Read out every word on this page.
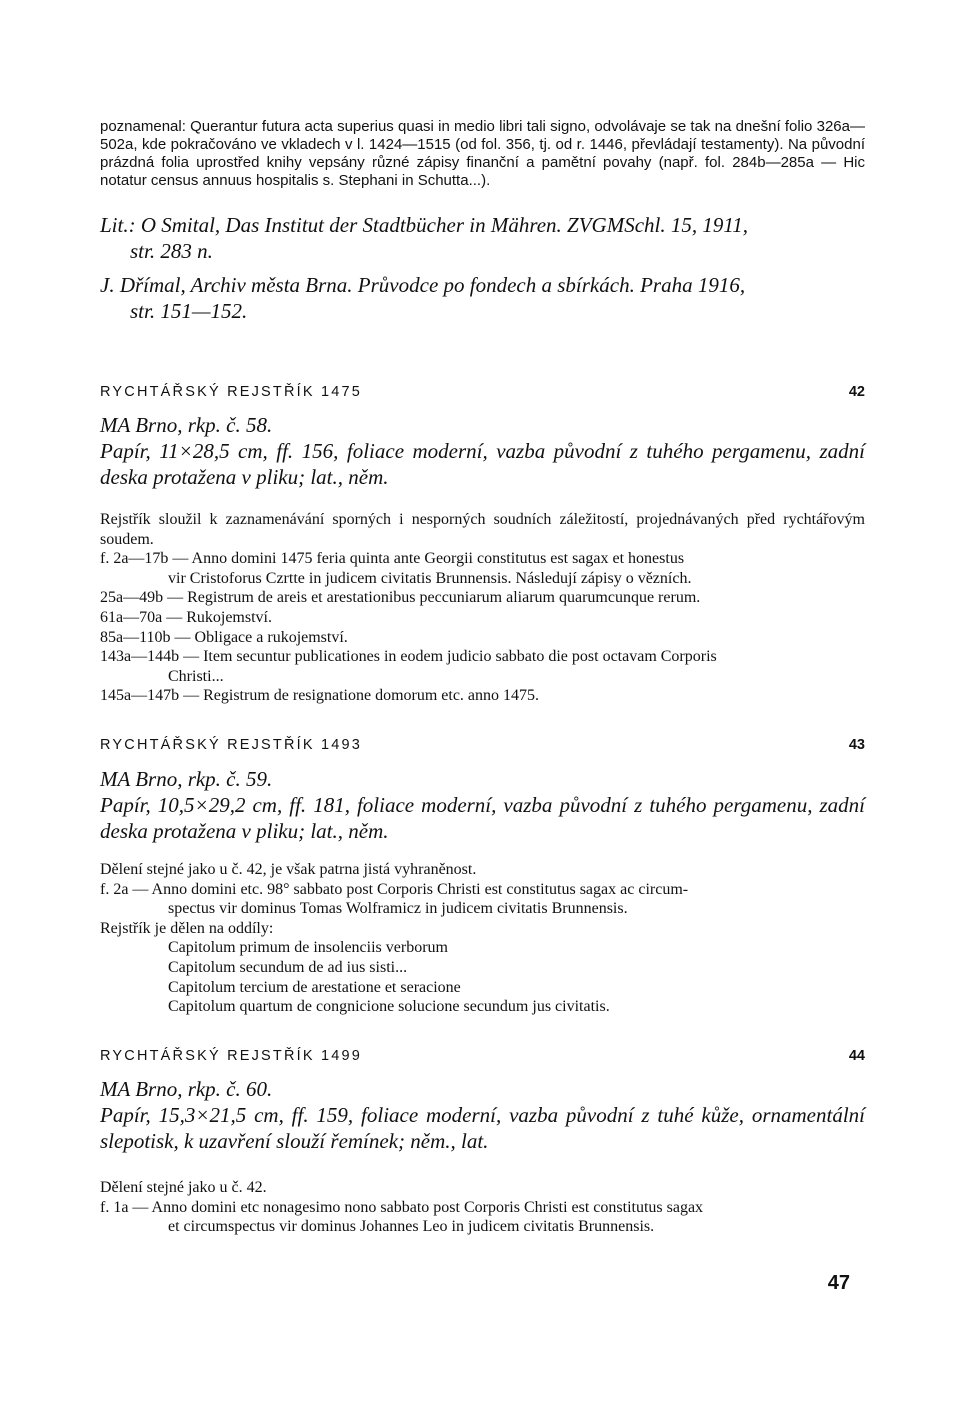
poznamenal: Querantur futura acta superius quasi in medio libri tali signo, odvolávaje se tak na dnešní folio 326a—502a, kde pokračováno ve vkladech v l. 1424—1515 (od fol. 356, tj. od r. 1446, převládají testamenty). Na původní prázdná folia uprostřed knihy vepsány různé zápisy finanční a pamětní povahy (např. fol. 284b—285a — Hic notatur census annuus hospitalis s. Stephani in Schutta...).
Lit.: O Smital, Das Institut der Stadtbücher in Mähren. ZVGMSchl. 15, 1911,
str. 283 n.
J. Dřímal, Archiv města Brna. Průvodce po fondech a sbírkách. Praha 1916,
str. 151—152.
RYCHTÁŘSKÝ REJSTŘÍK 1475	42
MA Brno, rkp. č. 58.
Papír, 11×28,5 cm, ff. 156, foliace moderní, vazba původní z tuhého pergamenu, zadní deska protažena v pliku; lat., něm.

Rejstřík sloužil k zaznamenávání sporných i nesporných soudních záležitostí, projednávaných před rychtářovým soudem.

f. 2a—17b — Anno domini 1475 feria quinta ante Georgii constitutus est sagax et honestus

vir Cristoforus Czrtte in judicem civitatis Brunnensis. Následují zápisy o vězních.

25a—49b — Registrum de areis et arestationibus peccuniarum aliarum quarumcunque rerum.

61a—70a — Rukojemství.

85a—110b — Obligace a rukojemství.

143a—144b — Item secuntur publicationes in eodem judicio sabbato die post octavam Corporis

Christi...

145a—147b — Registrum de resignatione domorum etc. anno 1475.

RYCHTÁŘSKÝ REJSTŘÍK 1493	43
MA Brno, rkp. č. 59.
Papír, 10,5×29,2 cm, ff. 181, foliace moderní, vazba původní z tuhého pergamenu, zadní deska protažena v pliku; lat., něm.

Dělení stejné jako u č. 42, je však patrna jistá vyhraněnost.

f. 2a — Anno domini etc. 98° sabbato post Corporis Christi est constitutus sagax ac circum-

spectus vir dominus Tomas Wolframicz in judicem civitatis Brunnensis.

Rejstřík je dělen na oddíly:

Capitolum primum de insolenciis verborum

Capitolum secundum de ad ius sisti...

Capitolum tercium de arestatione et seracione

Capitolum quartum de congnicione solucione secundum jus civitatis.

RYCHTÁŘSKÝ REJSTŘÍK 1499	44
MA Brno, rkp. č. 60.
Papír, 15,3×21,5 cm, ff. 159, foliace moderní, vazba původní z tuhé kůže, ornamentální slepotisk, k uzavření slouží řemínek; něm., lat.

Dělení stejné jako u č. 42.

f. 1a — Anno domini etc nonagesimo nono sabbato post Corporis Christi est constitutus sagax

et circumspectus vir dominus Johannes Leo in judicem civitatis Brunnensis.

47
